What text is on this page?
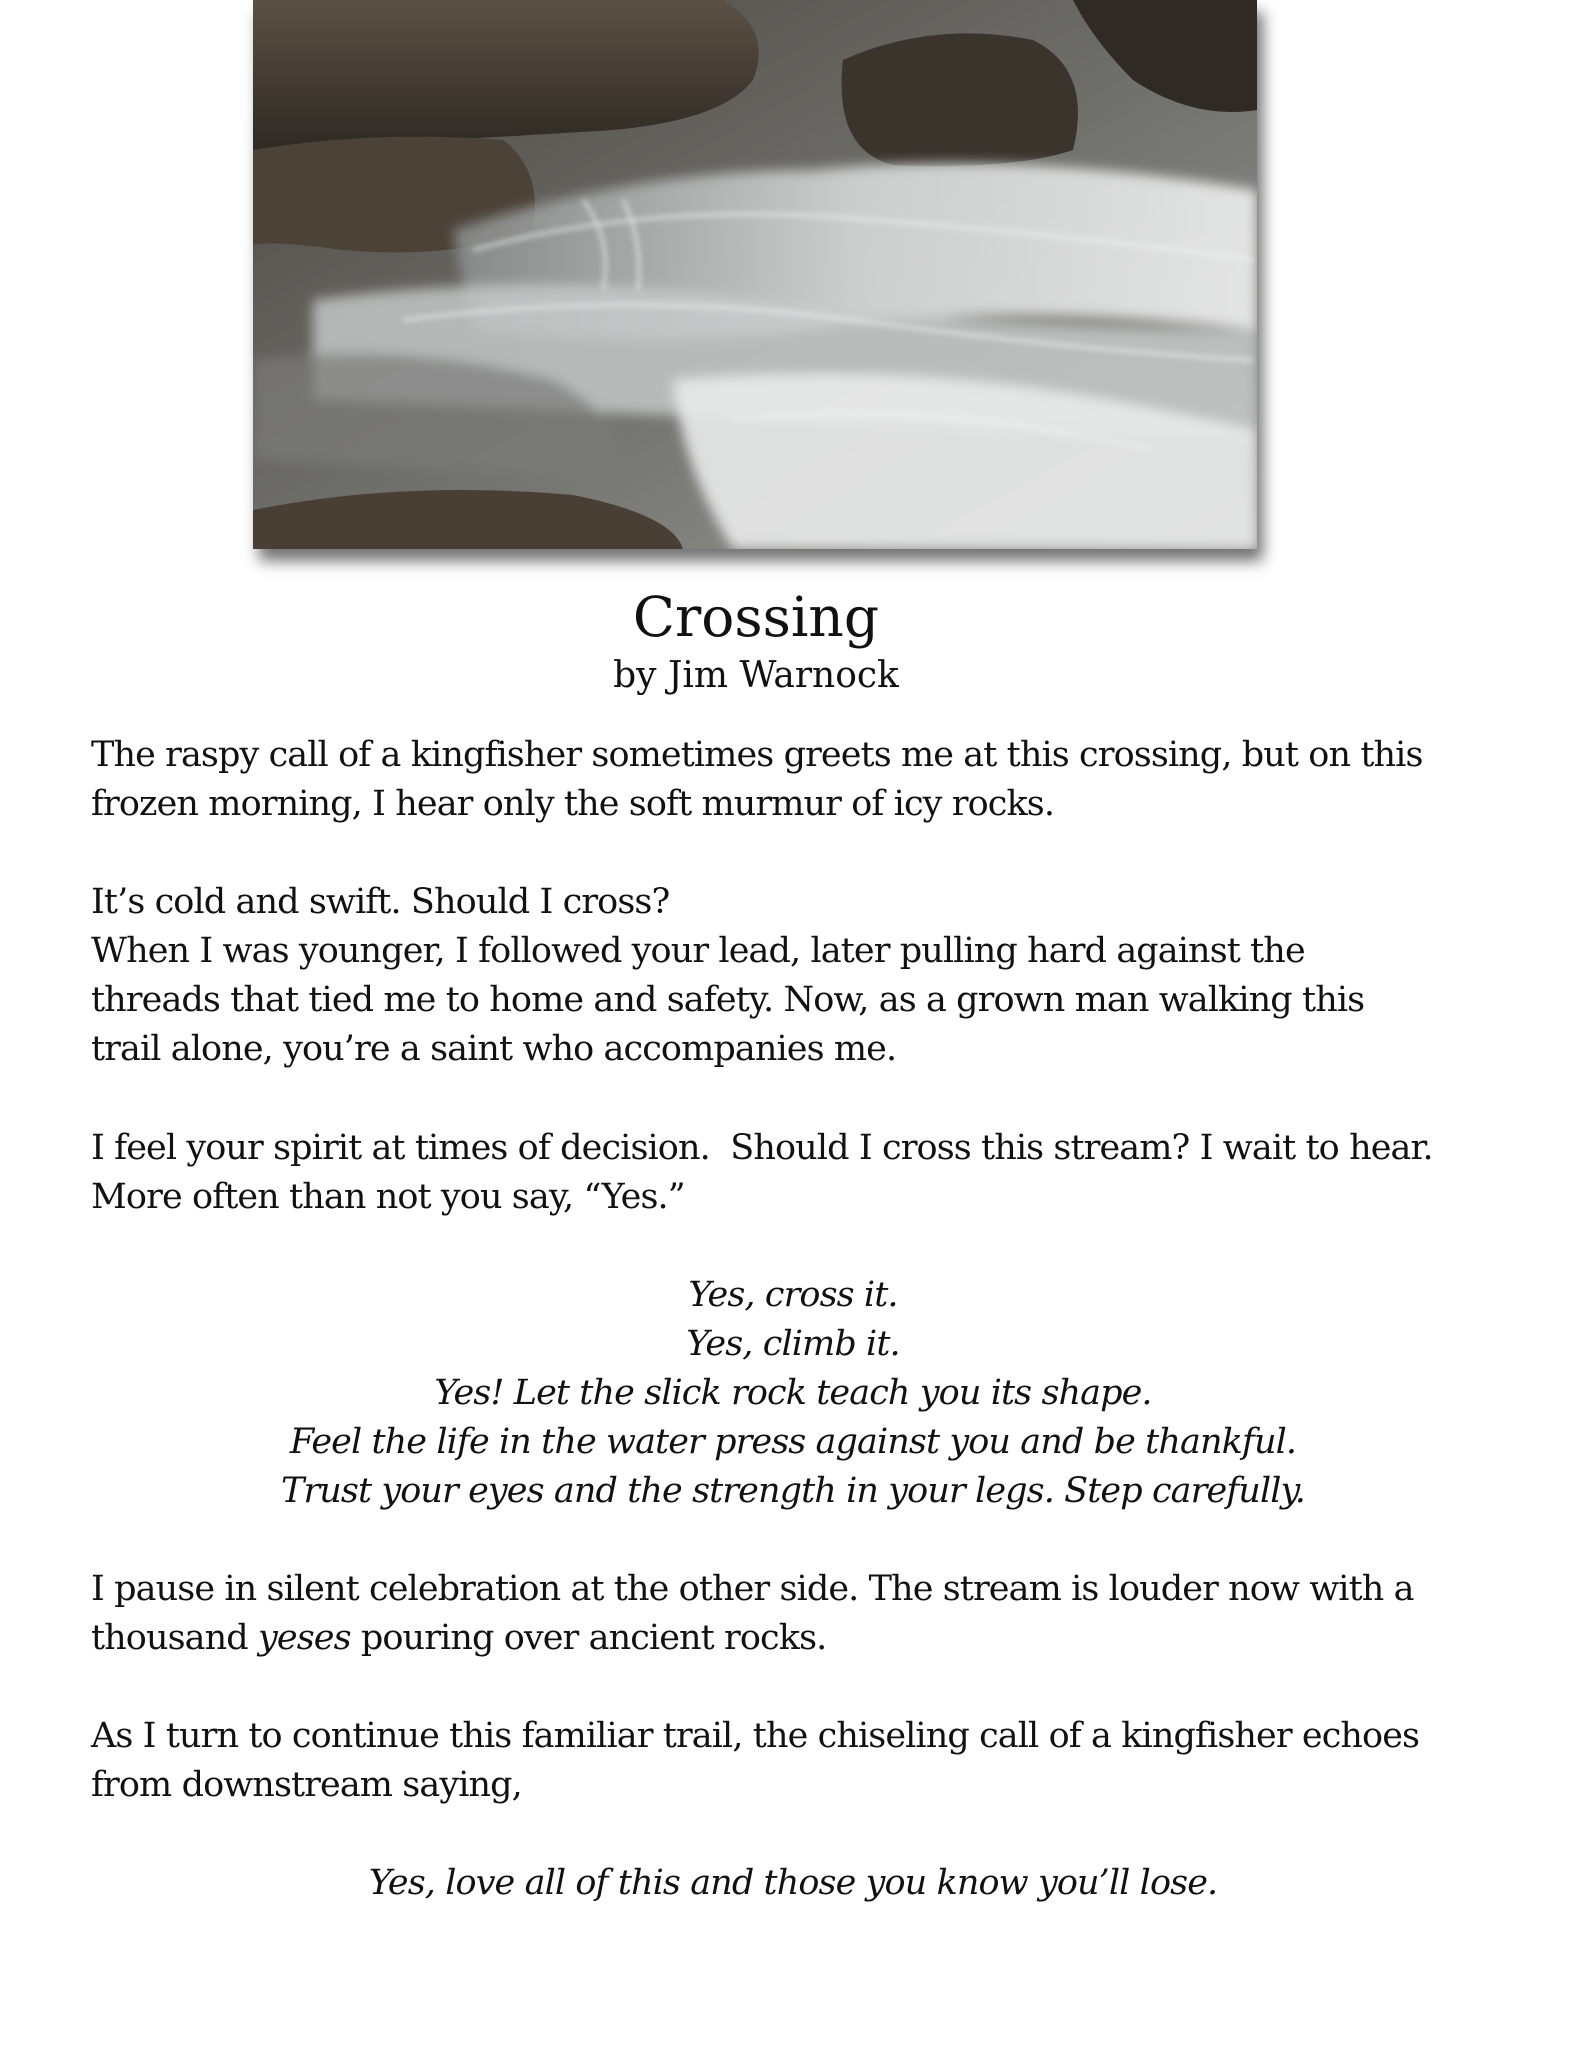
Crossing

by Jim Warnock

The raspy call of a kingfisher sometimes greets me at this crossing, but on this
frozen morning, I hear only the soft murmur of icy rocks.

It’s cold and swift. Should I cross?
When I was younger, I followed your lead, later pulling hard against the
threads that tied me to home and safety. Now, as a grown man walking this
trail alone, you’re a saint who accompanies me.

I feel your spirit at times of decision.  Should I cross this stream? I wait to hear.
More often than not you say, “Yes.”

Yes, cross it.
Yes, climb it.
Yes! Let the slick rock teach you its shape.
Feel the life in the water press against you and be thankful.
Trust your eyes and the strength in your legs. Step carefully.

I pause in silent celebration at the other side. The stream is louder now with a
thousand yeses pouring over ancient rocks.

As I turn to continue this familiar trail, the chiseling call of a kingfisher echoes
from downstream saying,

Yes, love all of this and those you know you’ll lose.
